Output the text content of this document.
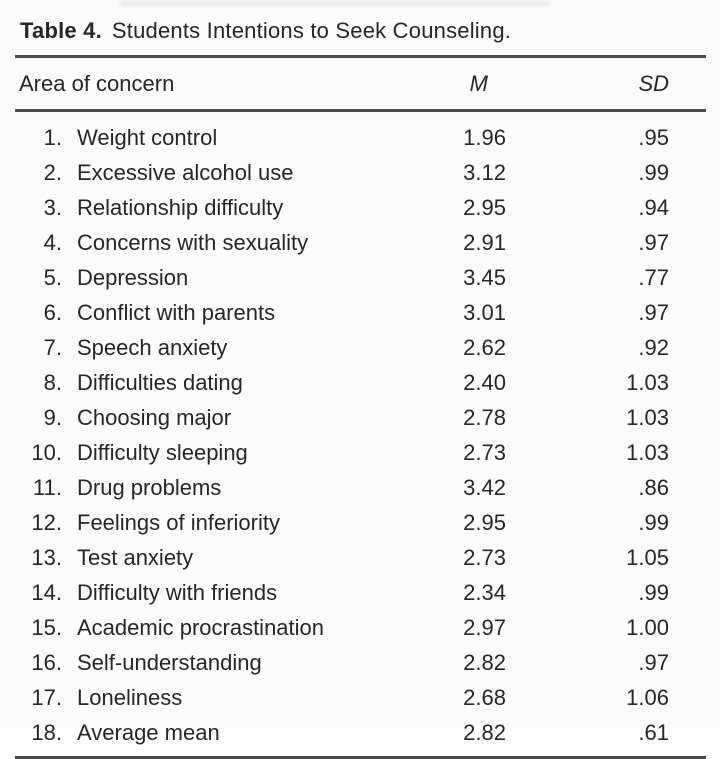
Table 4. Students Intentions to Seek Counseling.
Area of concern		M	SD
1.	Weight control	1.96	.95
2.	Excessive alcohol use	3.12	.99
3.	Relationship difficulty	2.95	.94
4.	Concerns with sexuality	2.91	.97
5.	Depression	3.45	.77
6.	Conflict with parents	3.01	.97
7.	Speech anxiety	2.62	.92
8.	Difficulties dating	2.40	1.03
9.	Choosing major	2.78	1.03
10.	Difficulty sleeping	2.73	1.03
11.	Drug problems	3.42	.86
12.	Feelings of inferiority	2.95	.99
13.	Test anxiety	2.73	1.05
14.	Difficulty with friends	2.34	.99
15.	Academic procrastination	2.97	1.00
16.	Self-understanding	2.82	.97
17.	Loneliness	2.68	1.06
18.	Average mean	2.82	.61
